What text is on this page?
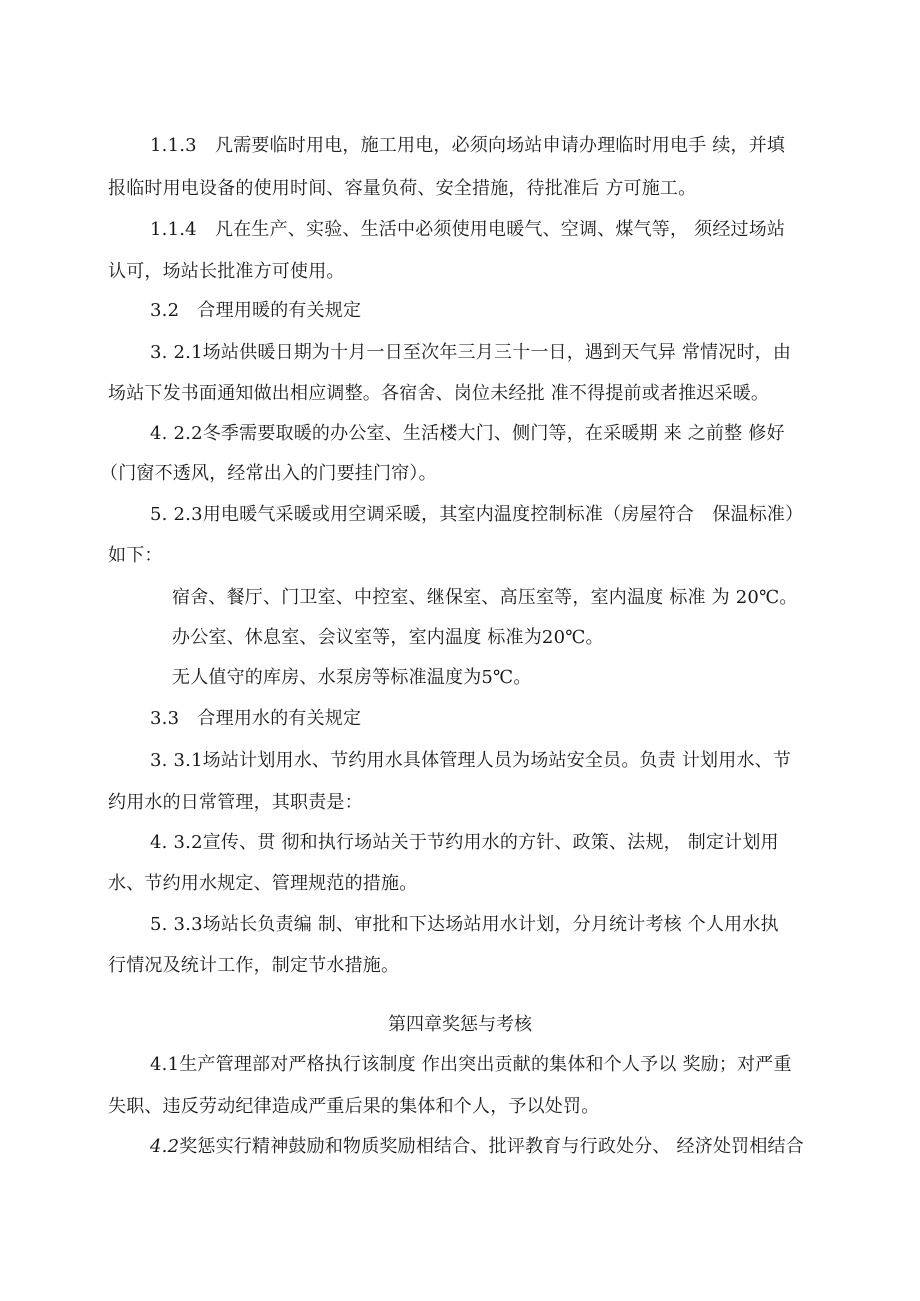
1.1.3　凡需要临时用电，施工用电，必须向场站申请办理临时用电手 续，并填
报临时用电设备的使用时间、容量负荷、安全措施，待批准后 方可施工。
1.1.4　凡在生产、实验、生活中必须使用电暖气、空调、煤气等， 须经过场站
认可，场站长批准方可使用。
3.2　合理用暖的有关规定
3. 2.1场站供暖日期为十月一日至次年三月三十一日，遇到天气异 常情况时，由
场站下发书面通知做出相应调整。各宿舍、岗位未经批 准不得提前或者推迟采暖。
4. 2.2冬季需要取暖的办公室、生活楼大门、侧门等，在采暖期 来 之前整 修好
（门窗不透风，经常出入的门要挂门帘）。
5. 2.3用电暖气采暖或用空调采暖，其室内温度控制标准（房屋符合　保温标准）
如下：
宿舍、餐厅、门卫室、中控室、继保室、高压室等，室内温度 标准 为 20℃。
办公室、休息室、会议室等，室内温度 标准为20℃。
无人值守的库房、水泵房等标准温度为5℃。
3.3　合理用水的有关规定
3. 3.1场站计划用水、节约用水具体管理人员为场站安全员。负责 计划用水、节
约用水的日常管理，其职责是：
4. 3.2宣传、贯 彻和执行场站关于节约用水的方针、政策、法规， 制定计划用
水、节约用水规定、管理规范的措施。
5. 3.3场站长负责编 制、审批和下达场站用水计划，分月统计考核 个人用水执
行情况及统计工作，制定节水措施。
第四章奖惩与考核
4.1生产管理部对严格执行该制度 作出突出贡献的集体和个人予以 奖励；对严重
失职、违反劳动纪律造成严重后果的集体和个人，予以处罚。
4.2奖惩实行精神鼓励和物质奖励相结合、批评教育与行政处分、 经济处罚相结合
